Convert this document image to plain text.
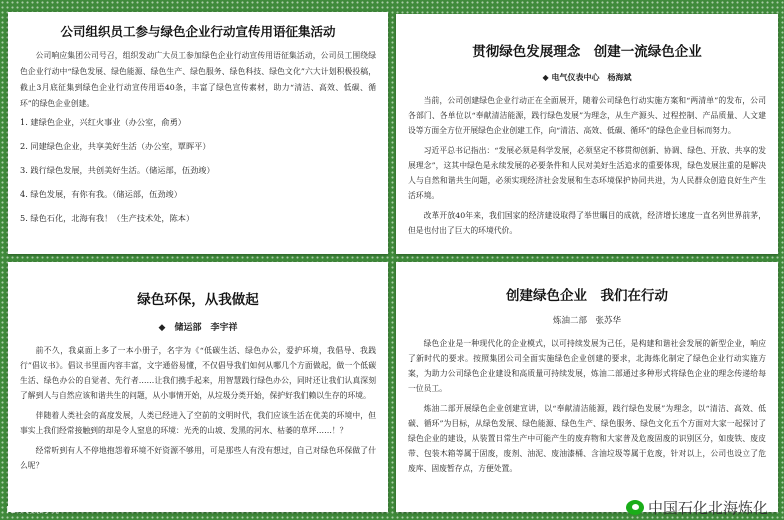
公司组织员工参与绿色企业行动宣传用语征集活动

公司响应集团公司号召，组织发动广大员工参加绿色企业行动宣传用语征集活动，公司员工围绕绿色企业行动中“绿色发展、绿色能源、绿色生产、绿色服务、绿色科技、绿色文化”六大计划积极投稿，截止3月底征集到绿色企业行动宣传用语40条，丰富了绿色宣传素材，助力“清洁、高效、低碳、循环”的绿色企业创建。

1. 建绿色企业，兴红火事业（办公室，俞勇）
2. 同建绿色企业，共享美好生活（办公室，覃晖平）
3. 践行绿色发展，共创美好生活。（储运部，伍劲竣）
4. 绿色发展，有你有我。（储运部，伍劲竣）
5. 绿色石化，北海有我！（生产技术处，陈本）
贯彻绿色发展理念　创建一流绿色企业
◆ 电气仪表中心　杨海斌

当前，公司创建绿色企业行动正在全面展开，随着公司绿色行动实施方案和“两清单”的发布，公司各部门、各单位以“奉献清洁能源，践行绿色发展”为理念，从生产源头、过程控制、产品质量、人文建设等方面全方位开展绿色企业创建工作，向“清洁、高效、低碳、循环”的绿色企业目标而努力。

习近平总书记指出：“发展必须是科学发展，必须坚定不移贯彻创新、协调、绿色、开放、共享的发展理念”，这其中绿色是永续发展的必要条件和人民对美好生活追求的重要体现，绿色发展注重的是解决人与自然和谐共生问题，必须实现经济社会发展和生态环境保护协同共进，为人民群众创造良好生产生活环境。

改革开放40年来，我们国家的经济建设取得了举世瞩目的成就，经济增长速度一直名列世界前茅，但是也付出了巨大的环境代价。

绿色环保，从我做起
◆　储运部　李宇祥

前不久，我桌面上多了一本小册子，名字为《“低碳生活、绿色办公，爱护环境，我倡导、我践行”倡议书》。倡议书里面内容丰富，文字通俗易懂，不仅倡导我们如何从哪几个方面做起，做一个低碳生活、绿色办公的自觉者、先行者……让我们携手起来，用智慧践行绿色办公，同时还让我们认真深刻了解到人与自然应该和谐共生的问题，从小事情开始，从垃圾分类开始，保护好我们赖以生存的环境。

伴随着人类社会的高度发展，人类已经进入了空前的文明时代，我们应该生活在优美的环境中，但事实上我们经常接触到的却是令人窒息的环境：光秃的山坡、发黑的河水、枯萎的草坪……！？

经常听到有人不停地抱怨着环境不好资源不够用，可是那些人有没有想过，自己对绿色环保做了什么呢？

创建绿色企业　我们在行动
炼油二部　张苏华

绿色企业是一种现代化的企业模式，以可持续发展为己任，是构建和谐社会发展的新型企业，响应了新时代的要求。按照集团公司全面实施绿色企业创建的要求，北海炼化制定了绿色企业行动实施方案，为助力公司绿色企业建设和高质量可持续发展，炼油二部通过多种形式将绿色企业的理念传递给每一位员工。

炼油二部开展绿色企业创建宣讲，以“奉献清洁能源，践行绿色发展”为理念，以“清洁、高效、低碳、循环”为目标，从绿色发展、绿色能源、绿色生产、绿色服务、绿色文化五个方面对大家一起探讨了绿色企业的建设，从装置日常生产中可能产生的废弃物和大家普及危废固废的识别区分，如废铁、废皮带、包装木箱等属于固废，废剂、油泥、废油漆桶、含油垃圾等属于危废，针对以上，公司也设立了危废库、固废暂存点，方便处置。

IC 大数跨境	中国石化北海炼化
